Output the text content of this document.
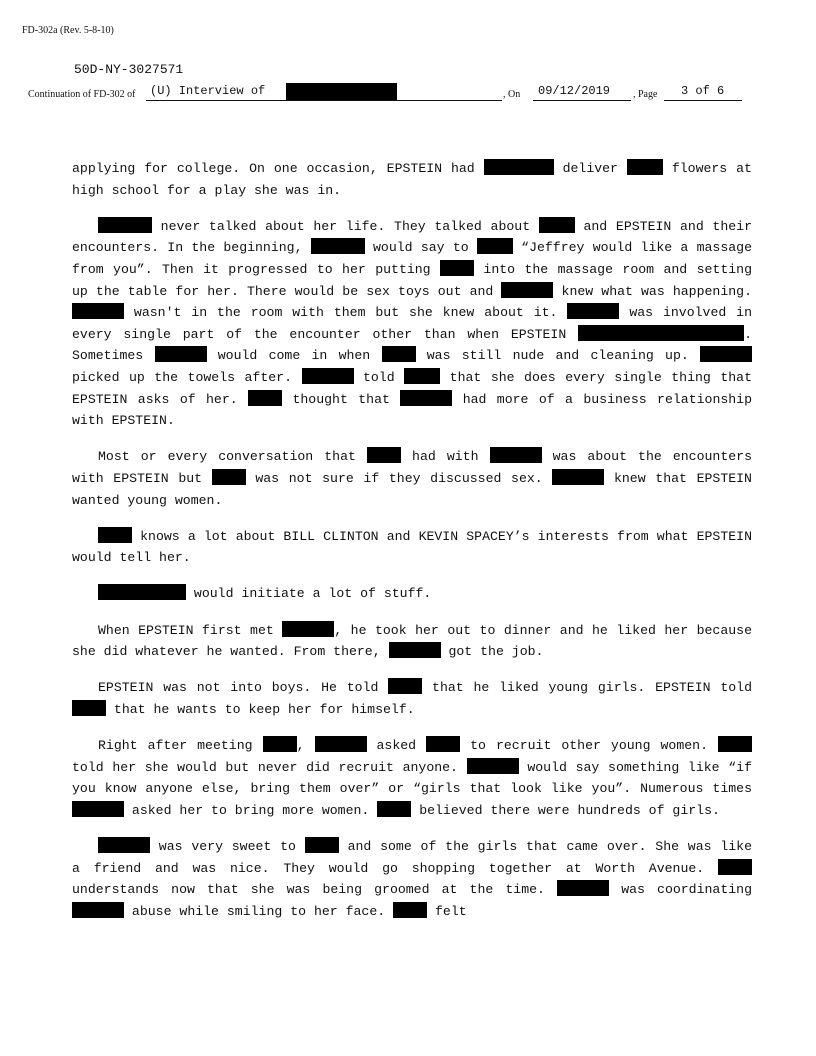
FD-302a (Rev. 5-8-10)
50D-NY-3027571
Continuation of FD-302 of (U) Interview of	, On 09/12/2019 , Page 3 of 6

applying for college. On one occasion, EPSTEIN had	deliver	flowers at high school for a play she was in.

never talked about her life. They talked about	and EPSTEIN and their encounters. In the beginning,	would say to	“Jeffrey would like a massage from you”. Then it progressed to her putting	into the massage room and setting up the table for her. There would be sex toys out and	knew what was happening.  wasn't in the room with them but she knew about it.	was involved in every single part of the encounter other than when EPSTEIN	. Sometimes	would come in when	was still nude and cleaning up.  picked up the towels after.	told	that she does every single thing that EPSTEIN asks of her.	thought that	had more of a business relationship with EPSTEIN.

Most or every conversation that	had with	was about the encounters with EPSTEIN but	was not sure if they discussed sex.	knew that EPSTEIN wanted young women.

knows a lot about BILL CLINTON and KEVIN SPACEY’s interests from what EPSTEIN would tell her.

would initiate a lot of stuff.

When EPSTEIN first met	, he took her out to dinner and he liked her because she did whatever he wanted. From there,	got the job.

EPSTEIN was not into boys. He told	that he liked young girls. EPSTEIN told  that he wants to keep her for himself.

Right after meeting	,	asked	to recruit other young women.  told her she would but never did recruit anyone.	would say something like “if you know anyone else, bring them over” or “girls that look like you”. Numerous times  asked her to bring more women.	believed there were hundreds of girls.

was very sweet to	and some of the girls that came over. She was like a friend and was nice. They would go shopping together at Worth Avenue.  understands now that she was being groomed at the time.	was coordinating  abuse while smiling to her face.	felt
